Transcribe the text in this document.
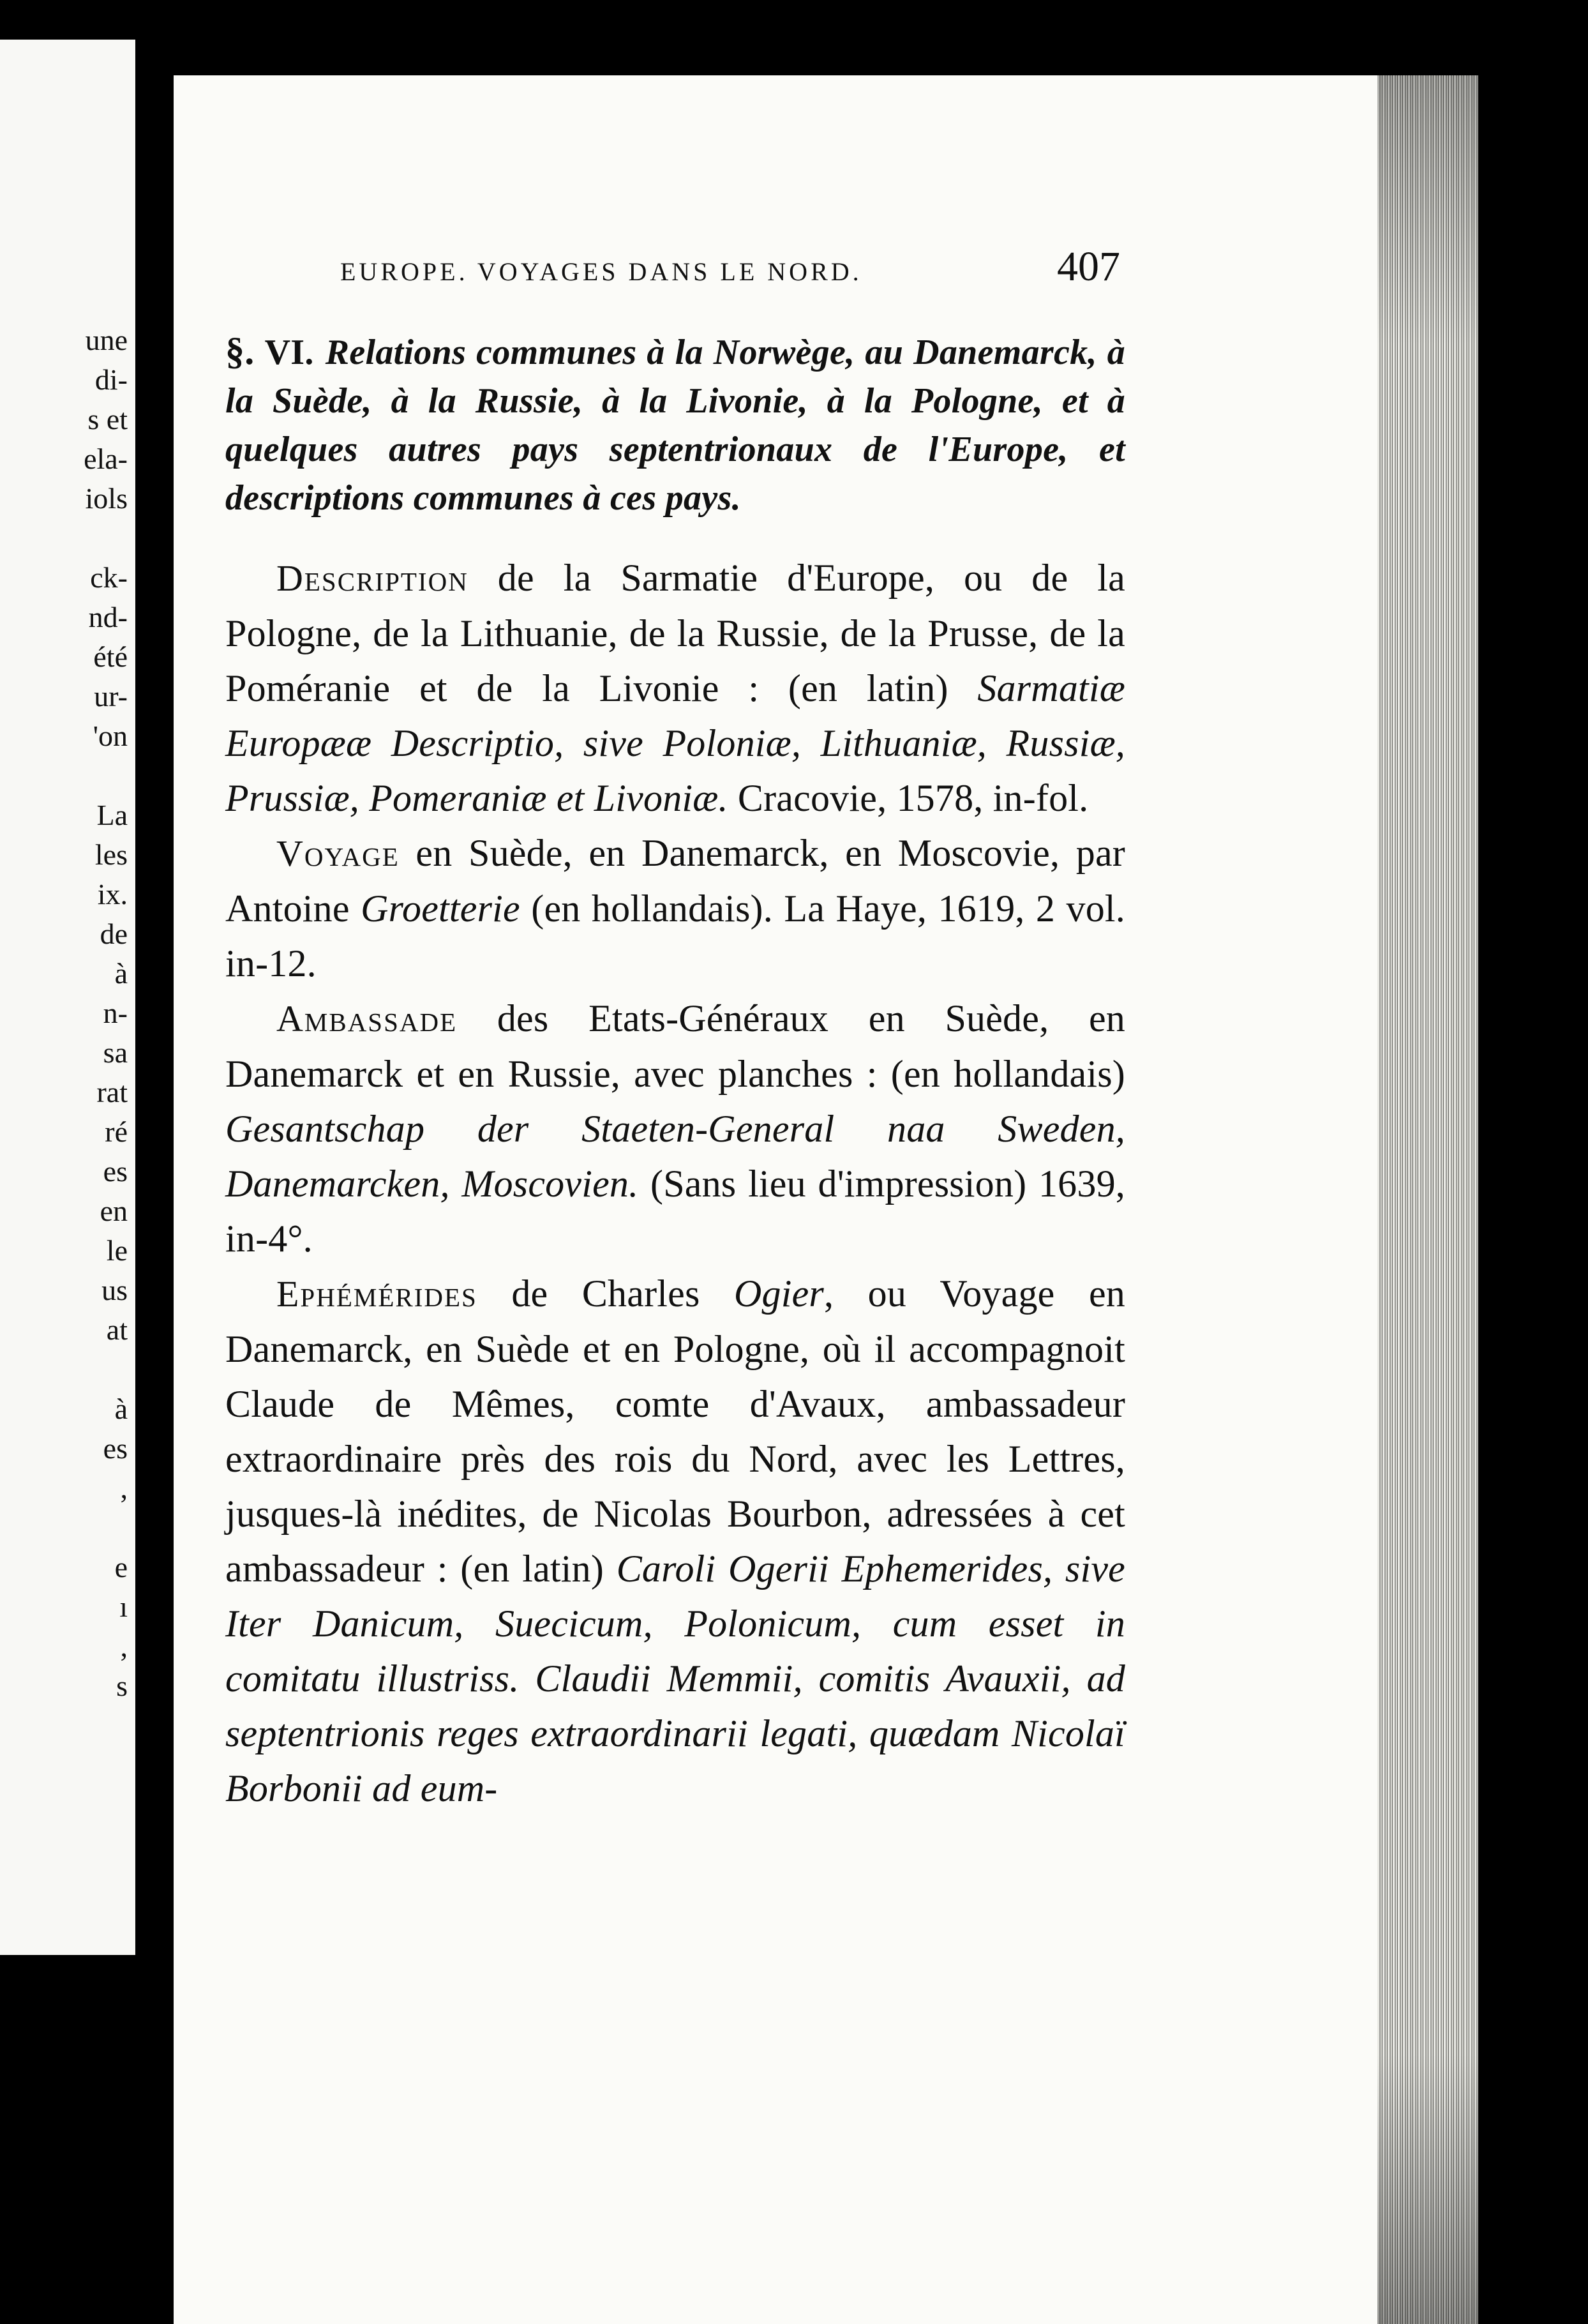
une
di-
s et
ela-
iols
ck-
nd-
été
ur-
'on
La
les
ix.
de
à
n-
sa
rat
ré
es
en
le
us
at
à
es
,
e
ı
,
s
EUROPE. VOYAGES DANS LE NORD.	407

§. VI. Relations communes à la Norwège, au Danemarck, à la Suède, à la Russie, à la Livonie, à la Pologne, et à quelques autres pays septentrionaux de l'Europe, et descriptions communes à ces pays.

Description de la Sarmatie d'Europe, ou de la Pologne, de la Lithuanie, de la Russie, de la Prusse, de la Poméranie et de la Livonie : (en latin) Sarmatiæ Europææ Descriptio, sive Poloniæ, Lithuaniæ, Russiæ, Prussiæ, Pomeraniæ et Livoniæ. Cracovie, 1578, in-fol.

Voyage en Suède, en Danemarck, en Moscovie, par Antoine Groetterie (en hollandais). La Haye, 1619, 2 vol. in-12.

Ambassade des Etats-Généraux en Suède, en Danemarck et en Russie, avec planches : (en hollandais) Gesantschap der Staeten-General naa Sweden, Danemarcken, Moscovien. (Sans lieu d'impression) 1639, in-4°.

Ephémérides de Charles Ogier, ou Voyage en Danemarck, en Suède et en Pologne, où il accompagnoit Claude de Mêmes, comte d'Avaux, ambassadeur extraordinaire près des rois du Nord, avec les Lettres, jusques-là inédites, de Nicolas Bourbon, adressées à cet ambassadeur : (en latin) Caroli Ogerii Ephemerides, sive Iter Danicum, Suecicum, Polonicum, cum esset in comitatu illustriss. Claudii Memmii, comitis Avauxii, ad septentrionis reges extraordinarii legati, quædam Nicolaï Borbonii ad eum-
